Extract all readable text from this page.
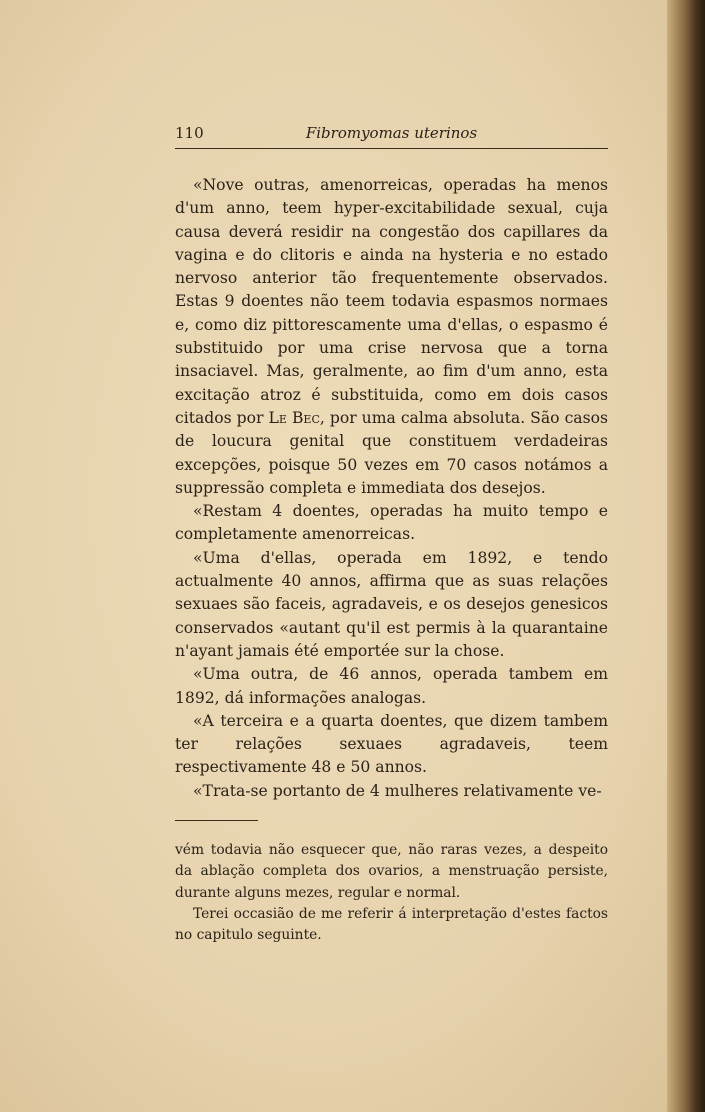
110	Fibromyomas uterinos

«Nove outras, amenorreicas, operadas ha menos d'um anno, teem hyper-excitabilidade sexual, cuja causa deverá residir na congestão dos capillares da vagina e do clitoris e ainda na hysteria e no estado nervoso anterior tão frequentemente observados. Estas 9 doentes não teem todavia espasmos normaes e, como diz pittorescamente uma d'ellas, o espasmo é substituido por uma crise nervosa que a torna insaciavel. Mas, geralmente, ao fim d'um anno, esta excitação atroz é substituida, como em dois casos citados por Le Bec, por uma calma absoluta. São casos de loucura genital que constituem verdadeiras excepções, poisque 50 vezes em 70 casos notámos a suppressão completa e immediata dos desejos.

«Restam 4 doentes, operadas ha muito tempo e completamente amenorreicas.

«Uma d'ellas, operada em 1892, e tendo actualmente 40 annos, affirma que as suas relações sexuaes são faceis, agradaveis, e os desejos genesicos conservados «autant qu'il est permis à la quarantaine n'ayant jamais été emportée sur la chose.

«Uma outra, de 46 annos, operada tambem em 1892, dá informações analogas.

«A terceira e a quarta doentes, que dizem tambem ter relações sexuaes agradaveis, teem respectivamente 48 e 50 annos.

«Trata-se portanto de 4 mulheres relativamente ve-

vém todavia não esquecer que, não raras vezes, a despeito da ablação completa dos ovarios, a menstruação persiste, durante alguns mezes, regular e normal.

Terei occasião de me referir á interpretação d'estes factos no capitulo seguinte.
